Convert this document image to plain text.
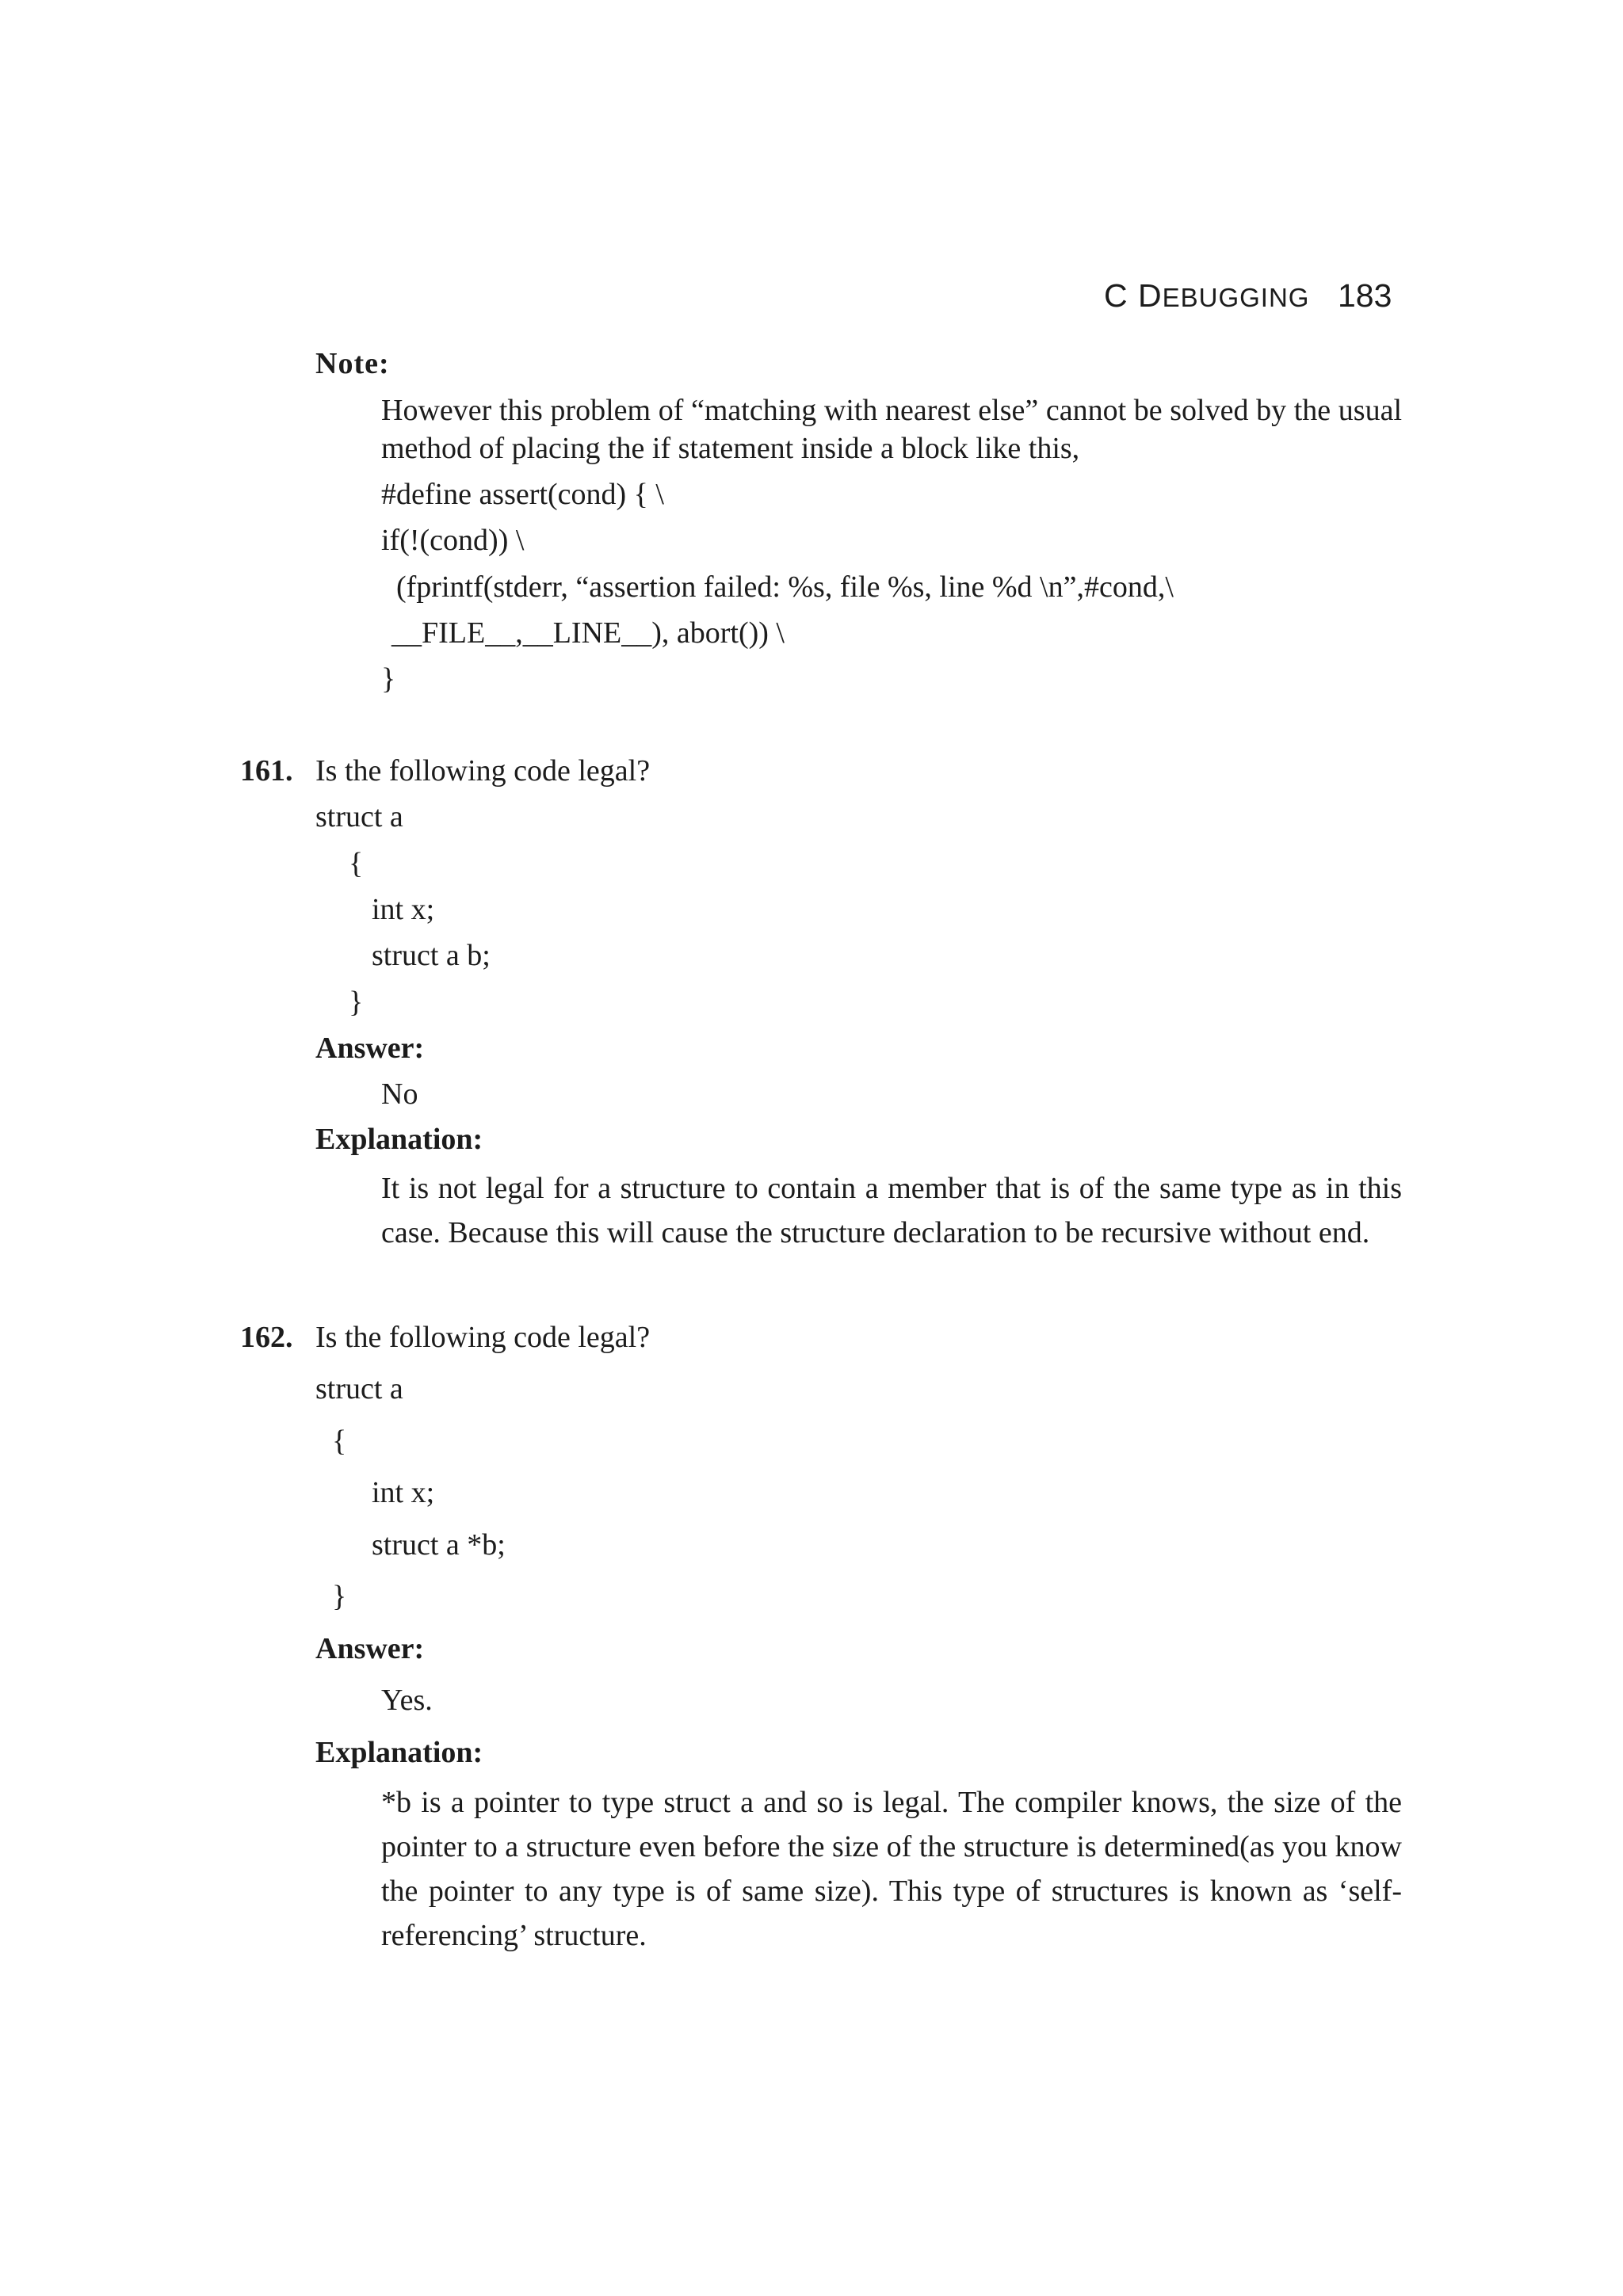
C DEBUGGING 183
Note:
However this problem of “matching with nearest else” cannot be solved by the usual
method of placing the if statement inside a block like this,
#define assert(cond) { \
if(!(cond)) \
(fprintf(stderr, “assertion failed: %s, file %s, line %d \n”,#cond,\
__FILE__,__LINE__), abort()) \
}
161. Is the following code legal?
struct a
{
int x;
struct a b;
}
Answer:
No
Explanation:
It is not legal for a structure to contain a member that is of the same type as in this
case. Because this will cause the structure declaration to be recursive without end.
162. Is the following code legal?
struct a
{
int x;
struct a *b;
}
Answer:
Yes.
Explanation:
*b is a pointer to type struct a and so is legal. The compiler knows, the size of the
pointer to a structure even before the size of the structure is determined(as you know
the pointer to any type is of same size). This type of structures is known as ‘self-
referencing’ structure.
